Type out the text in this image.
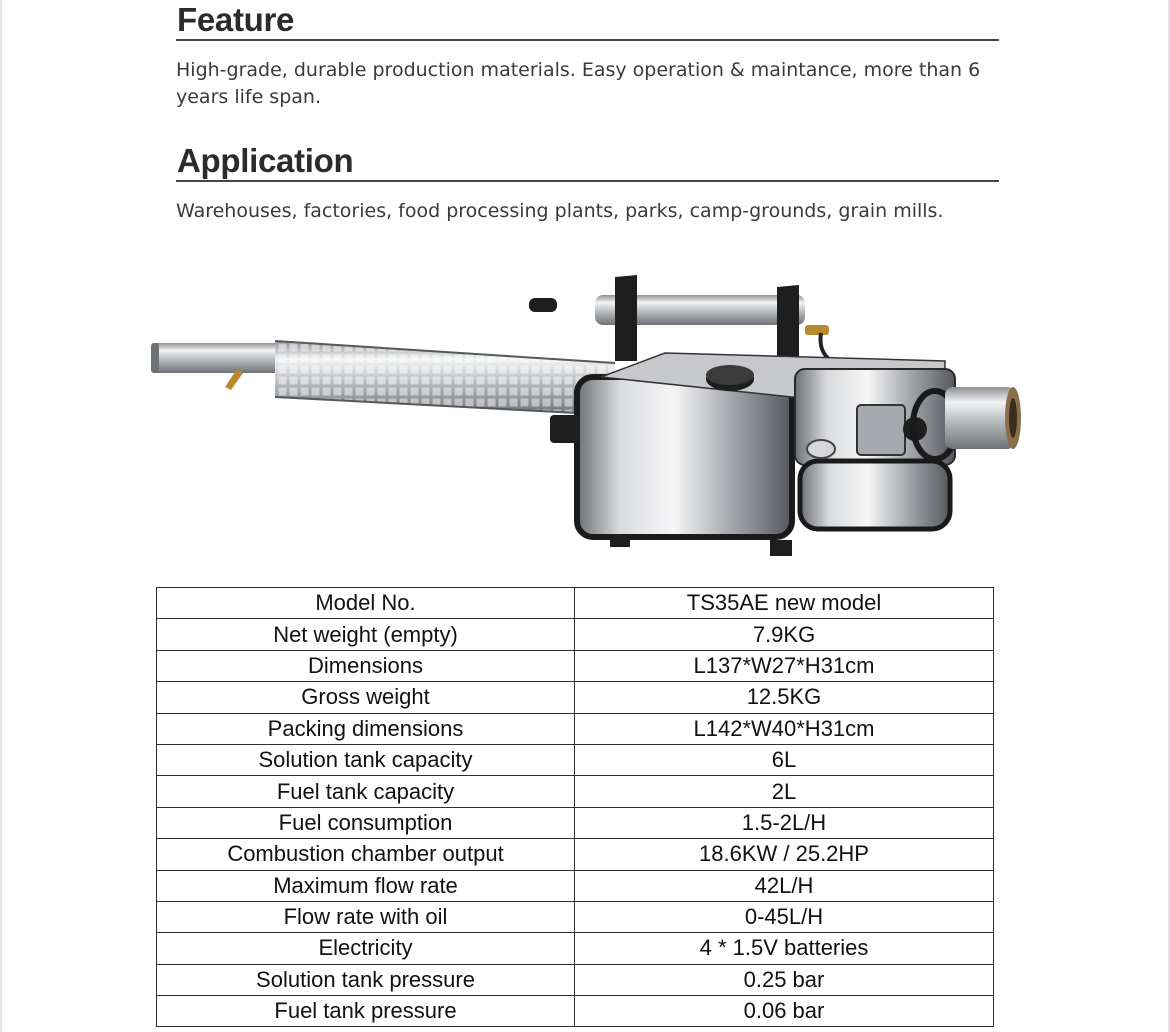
Feature

High-grade, durable production materials. Easy operation & maintance, more than 6 years life span.

Application

Warehouses, factories, food processing plants, parks, camp-grounds, grain mills.

Model No.	TS35AE new model
Net weight (empty)	7.9KG
Dimensions	L137*W27*H31cm
Gross weight	12.5KG
Packing dimensions	L142*W40*H31cm
Solution tank capacity	6L
Fuel tank capacity	2L
Fuel consumption	1.5-2L/H
Combustion chamber output	18.6KW / 25.2HP
Maximum flow rate	42L/H
Flow rate with oil	0-45L/H
Electricity	4 * 1.5V batteries
Solution tank pressure	0.25 bar
Fuel tank pressure	0.06 bar
